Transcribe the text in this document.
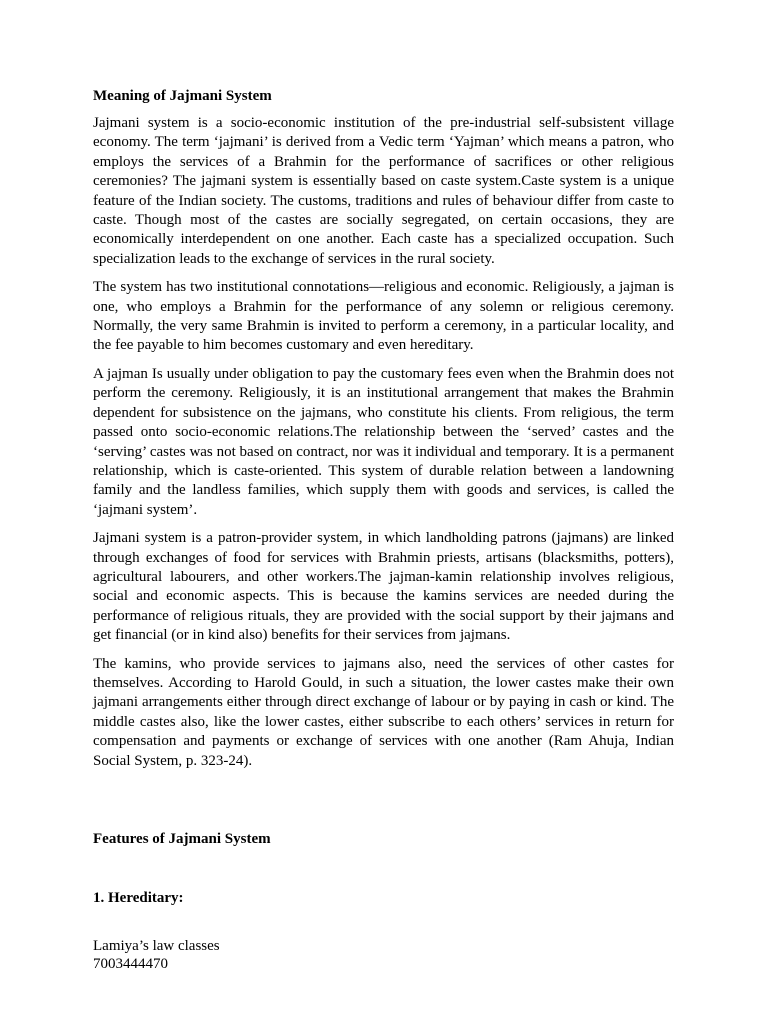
Meaning of Jajmani System

Jajmani system is a socio-economic institution of the pre-industrial self-subsistent village economy. The term ‘jajmani’ is derived from a Vedic term ‘Yajman’ which means a patron, who employs the services of a Brahmin for the performance of sacrifices or other religious ceremonies? The jajmani system is essentially based on caste system.Caste system is a unique feature of the Indian society. The customs, traditions and rules of behaviour differ from caste to caste. Though most of the castes are socially segregated, on certain occasions, they are economically interdependent on one another. Each caste has a specialized occupation. Such specialization leads to the exchange of services in the rural society.

The system has two institutional connotations—religious and economic. Religiously, a jajman is one, who employs a Brahmin for the performance of any solemn or religious ceremony. Normally, the very same Brahmin is invited to perform a ceremony, in a particular locality, and the fee payable to him becomes customary and even hereditary.

A jajman Is usually under obligation to pay the customary fees even when the Brahmin does not perform the ceremony. Religiously, it is an institutional arrangement that makes the Brahmin dependent for subsistence on the jajmans, who constitute his clients. From religious, the term passed onto socio-economic relations.The relationship between the ‘served’ castes and the ‘serving’ castes was not based on contract, nor was it individual and temporary. It is a permanent relationship, which is caste-oriented. This system of durable relation between a landowning family and the landless families, which supply them with goods and services, is called the ‘jajmani system’.

Jajmani system is a patron-provider system, in which landholding patrons (jajmans) are linked through exchanges of food for services with Brahmin priests, artisans (blacksmiths, potters), agricultural labourers, and other workers.The jajman-kamin relationship involves religious, social and economic aspects. This is because the kamins services are needed during the performance of religious rituals, they are provided with the social support by their jajmans and get financial (or in kind also) benefits for their services from jajmans.

The kamins, who provide services to jajmans also, need the services of other castes for themselves. According to Harold Gould, in such a situation, the lower castes make their own jajmani arrangements either through direct exchange of labour or by paying in cash or kind. The middle castes also, like the lower castes, either subscribe to each others’ services in return for compensation and payments or exchange of services with one another (Ram Ahuja, Indian Social System, p. 323-24).

Features of Jajmani System

1. Hereditary:

Lamiya’s law classes
7003444470
